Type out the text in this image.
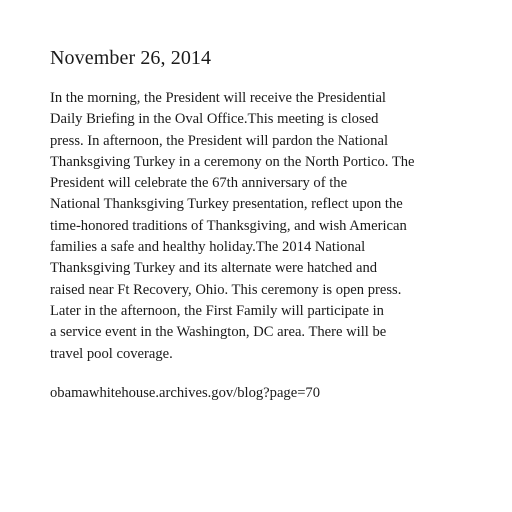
November 26, 2014

In the morning, the President will receive the Presidential
Daily Briefing in the Oval Office.This meeting is closed
press. In afternoon, the President will pardon the National
Thanksgiving Turkey in a ceremony on the North Portico. The
President will celebrate the 67th anniversary of the
National Thanksgiving Turkey presentation, reflect upon the
time-honored traditions of Thanksgiving, and wish American
families a safe and healthy holiday.The 2014 National
Thanksgiving Turkey and its alternate were hatched and
raised near Ft Recovery, Ohio. This ceremony is open press.
Later in the afternoon, the First Family will participate in
a service event in the Washington, DC area. There will be
travel pool coverage.

obamawhitehouse.archives.gov/blog?page=70
